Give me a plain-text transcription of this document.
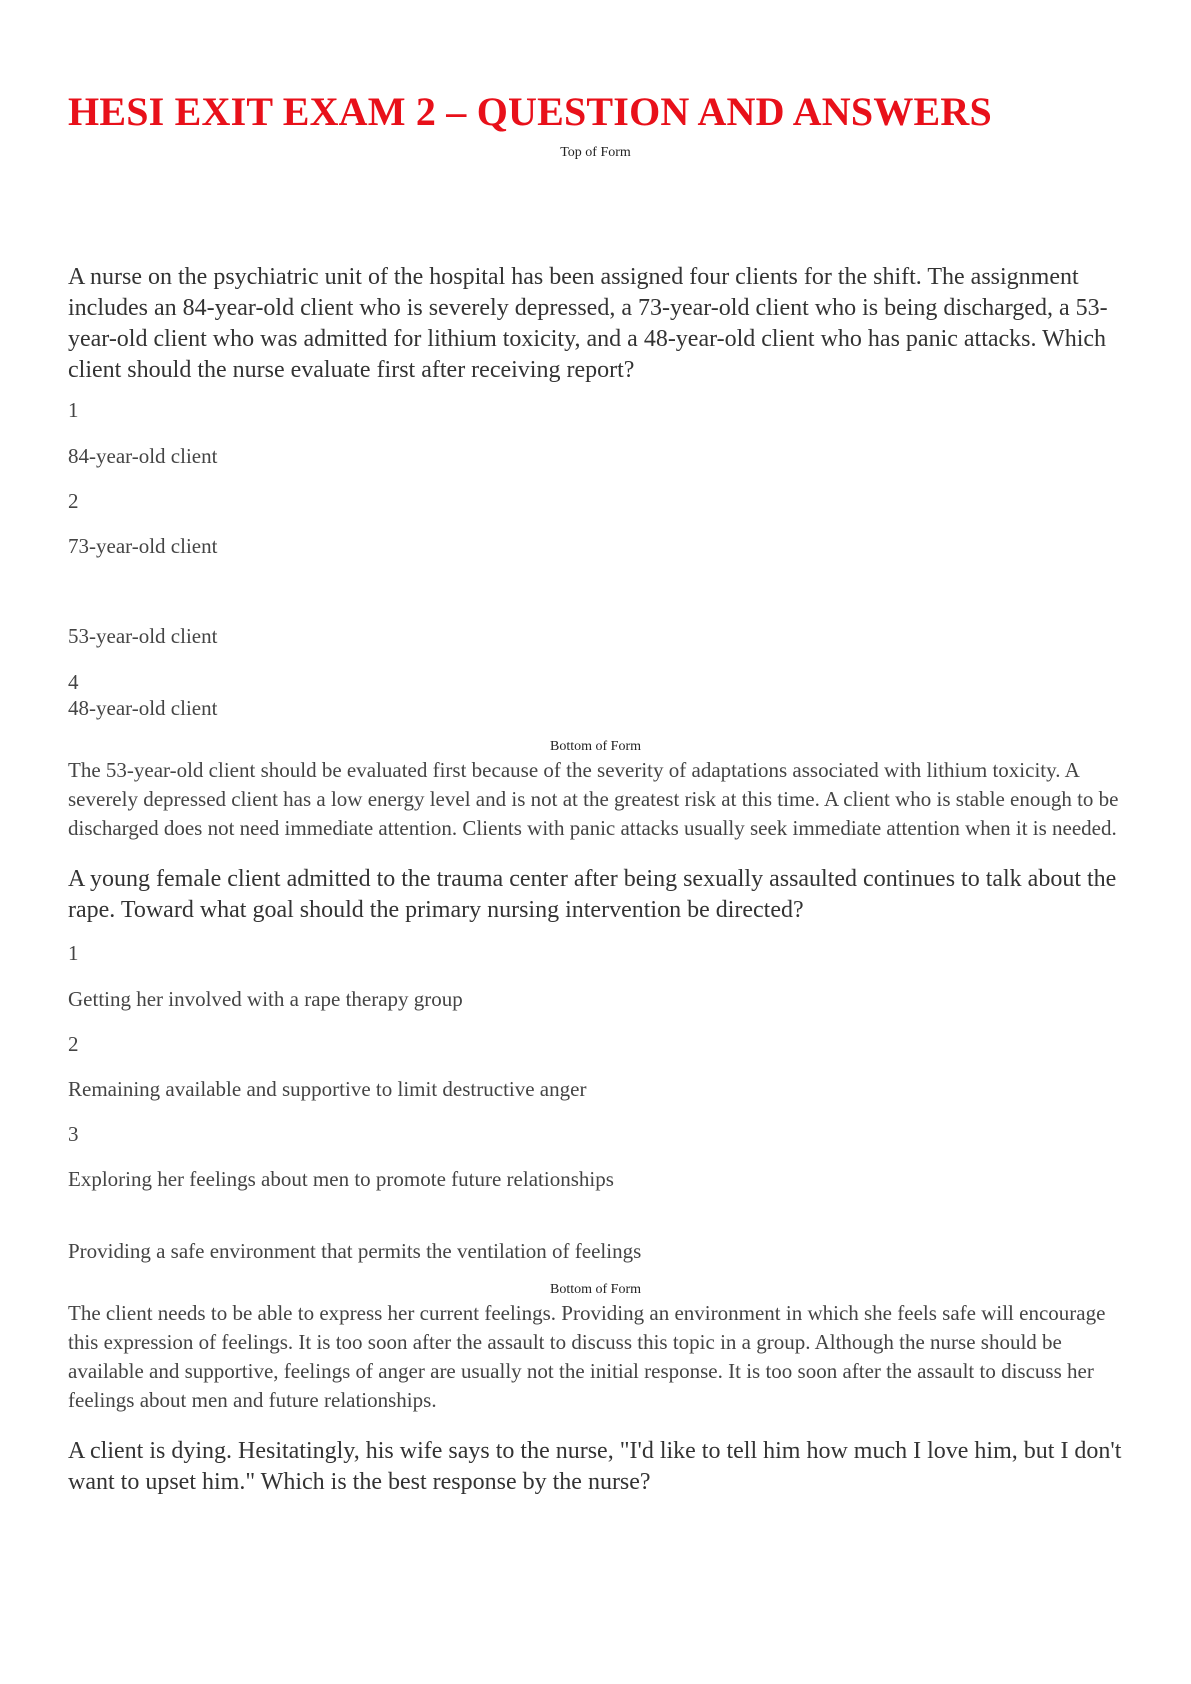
HESI EXIT EXAM 2 – QUESTION AND ANSWERS

Top of Form

A nurse on the psychiatric unit of the hospital has been assigned four clients for the shift. The assignment includes an 84-year-old client who is severely depressed, a 73-year-old client who is being discharged, a 53-year-old client who was admitted for lithium toxicity, and a 48-year-old client who has panic attacks. Which client should the nurse evaluate first after receiving report?

1

84-year-old client

2

73-year-old client

53-year-old client

4

48-year-old client

Bottom of Form

The 53-year-old client should be evaluated first because of the severity of adaptations associated with lithium toxicity. A severely depressed client has a low energy level and is not at the greatest risk at this time. A client who is stable enough to be discharged does not need immediate attention. Clients with panic attacks usually seek immediate attention when it is needed.

A young female client admitted to the trauma center after being sexually assaulted continues to talk about the rape. Toward what goal should the primary nursing intervention be directed?

1

Getting her involved with a rape therapy group

2

Remaining available and supportive to limit destructive anger

3

Exploring her feelings about men to promote future relationships

Providing a safe environment that permits the ventilation of feelings

Bottom of Form

The client needs to be able to express her current feelings. Providing an environment in which she feels safe will encourage this expression of feelings. It is too soon after the assault to discuss this topic in a group. Although the nurse should be available and supportive, feelings of anger are usually not the initial response. It is too soon after the assault to discuss her feelings about men and future relationships.

A client is dying. Hesitatingly, his wife says to the nurse, "I'd like to tell him how much I love him, but I don't want to upset him." Which is the best response by the nurse?
